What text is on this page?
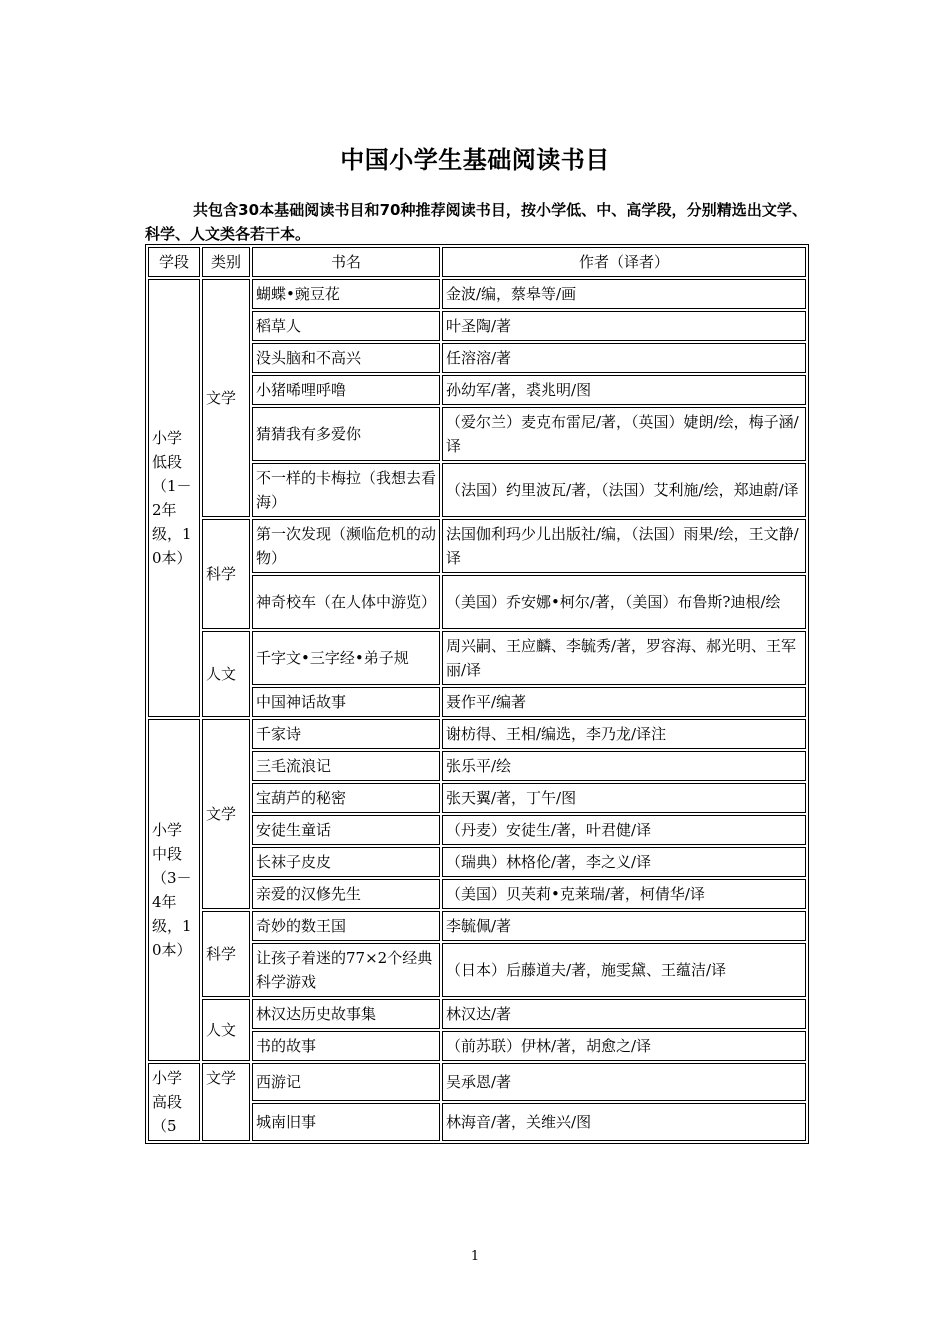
中国小学生基础阅读书目

共包含30本基础阅读书目和70种推荐阅读书目，按小学低、中、高学段，分别精选出文学、科学、人文类各若干本。

学段	类别	书名	作者（译者）
小学低段（1－2年级，10本）	文学	蝴蝶•豌豆花	金波/编，蔡皋等/画
		稻草人	叶圣陶/著
		没头脑和不高兴	任溶溶/著
		小猪唏哩呼噜	孙幼军/著，裘兆明/图
		猜猜我有多爱你	（爱尔兰）麦克布雷尼/著，（英国）婕朗/绘，梅子涵/译
		不一样的卡梅拉（我想去看海）	（法国）约里波瓦/著，（法国）艾利施/绘，郑迪蔚/译
	科学	第一次发现（濒临危机的动物）	法国伽利玛少儿出版社/编，（法国）雨果/绘，王文静/译
		神奇校车（在人体中游览）	（美国）乔安娜•柯尔/著，（美国）布鲁斯?迪根/绘
	人文	千字文•三字经•弟子规	周兴嗣、王应麟、李毓秀/著，罗容海、郝光明、王军丽/译
		中国神话故事	聂作平/编著
小学中段（3－4年级，10本）	文学	千家诗	谢枋得、王相/编选，李乃龙/译注
		三毛流浪记	张乐平/绘
		宝葫芦的秘密	张天翼/著，丁午/图
		安徒生童话	（丹麦）安徒生/著，叶君健/译
		长袜子皮皮	（瑞典）林格伦/著，李之义/译
		亲爱的汉修先生	（美国）贝芙莉•克莱瑞/著，柯倩华/译
	科学	奇妙的数王国	李毓佩/著
		让孩子着迷的77×2个经典科学游戏	（日本）后藤道夫/著，施雯黛、王蕴洁/译
	人文	林汉达历史故事集	林汉达/著
		书的故事	（前苏联）伊林/著，胡愈之/译
小学高段（5	文学	西游记	吴承恩/著
		城南旧事	林海音/著，关维兴/图
1
